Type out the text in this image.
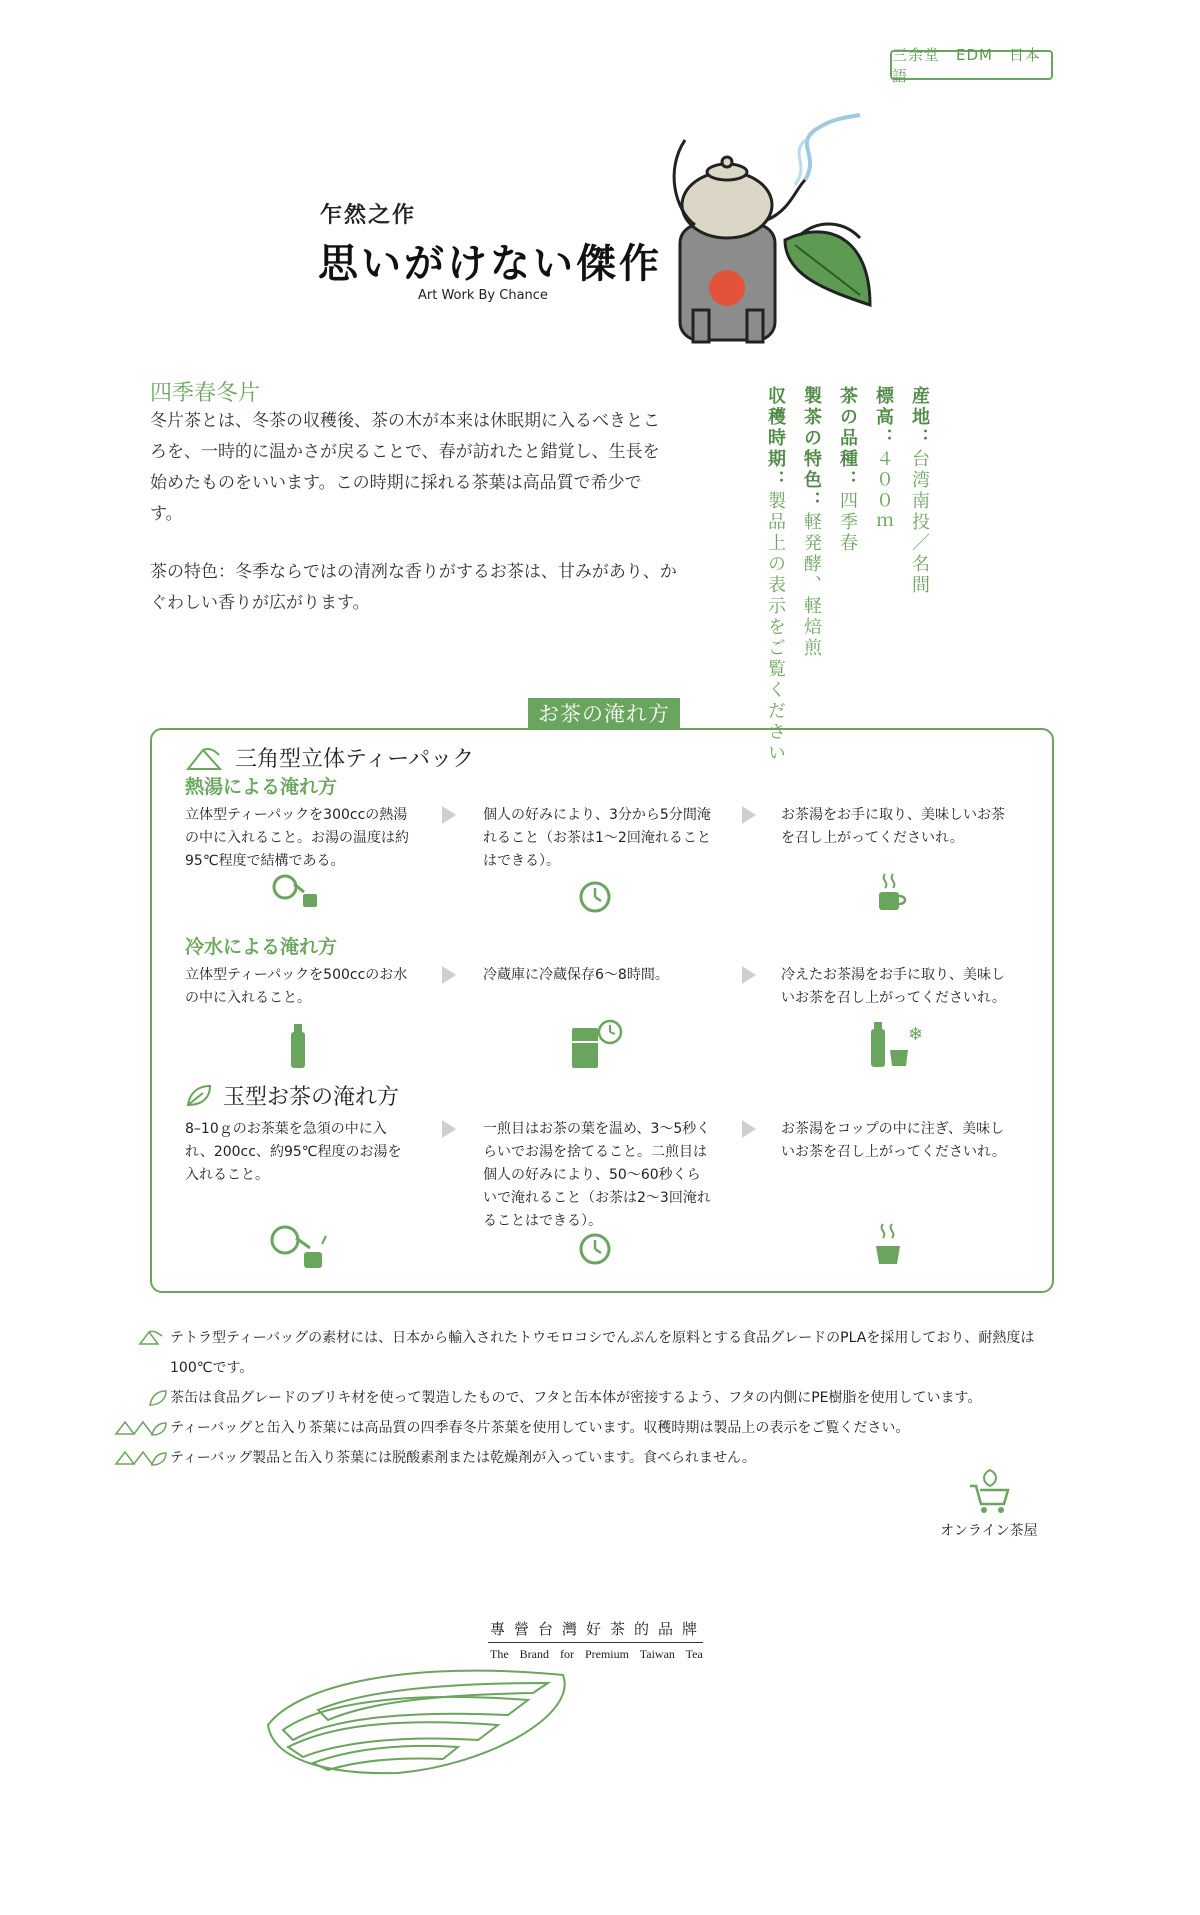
三余堂　EDM　日本語
乍然之作
思いがけない傑作
Art Work By Chance
四季春冬片
冬片茶とは、冬茶の収穫後、茶の木が本来は休眠期に入るべきところを、一時的に温かさが戻ることで、春が訪れたと錯覚し、生長を始めたものをいいます。この時期に採れる茶葉は高品質で希少です。
茶の特色：冬季ならではの清冽な香りがするお茶は、甘みがあり、かぐわしい香りが広がります。
産地：台湾南投／名間
標高：４００ｍ
茶の品種：四季春
製茶の特色：軽発酵、軽焙煎
収穫時期：製品上の表示をご覧ください
お茶の淹れ方
三角型立体ティーパック
熱湯による淹れ方
立体型ティーパックを300ccの熱湯の中に入れること。お湯の温度は約95℃程度で結構である。
個人の好みにより、3分から5分間淹れること（お茶は1～2回淹れることはできる）。
お茶湯をお手に取り、美味しいお茶を召し上がってくださいれ。
冷水による淹れ方
立体型ティーパックを500ccのお水の中に入れること。
冷蔵庫に冷蔵保存6～8時間。	冷えたお茶湯をお手に取り、美味しいお茶を召し上がってくださいれ。
❄
玉型お茶の淹れ方
8–10ｇのお茶葉を急須の中に入れ、200cc、約95℃程度のお湯を入れること。
一煎目はお茶の葉を温め、3～5秒くらいでお湯を捨てること。二煎目は個人の好みにより、50～60秒くらいで淹れること（お茶は2～3回淹れることはできる）。
お茶湯をコップの中に注ぎ、美味しいお茶を召し上がってくださいれ。
テトラ型ティーバッグの素材には、日本から輸入されたトウモロコシでんぷんを原料とする食品グレードのPLAを採用しており、耐熱度は100℃です。
茶缶は食品グレードのブリキ材を使って製造したもので、フタと缶本体が密接するよう、フタの内側にPE樹脂を使用しています。
ティーバッグと缶入り茶葉には高品質の四季春冬片茶葉を使用しています。収穫時期は製品上の表示をご覧ください。
ティーバッグ製品と缶入り茶葉には脱酸素剤または乾燥剤が入っています。食べられません。
オンライン茶屋
專營台灣好茶的品牌
The Brand for Premium Taiwan Tea
